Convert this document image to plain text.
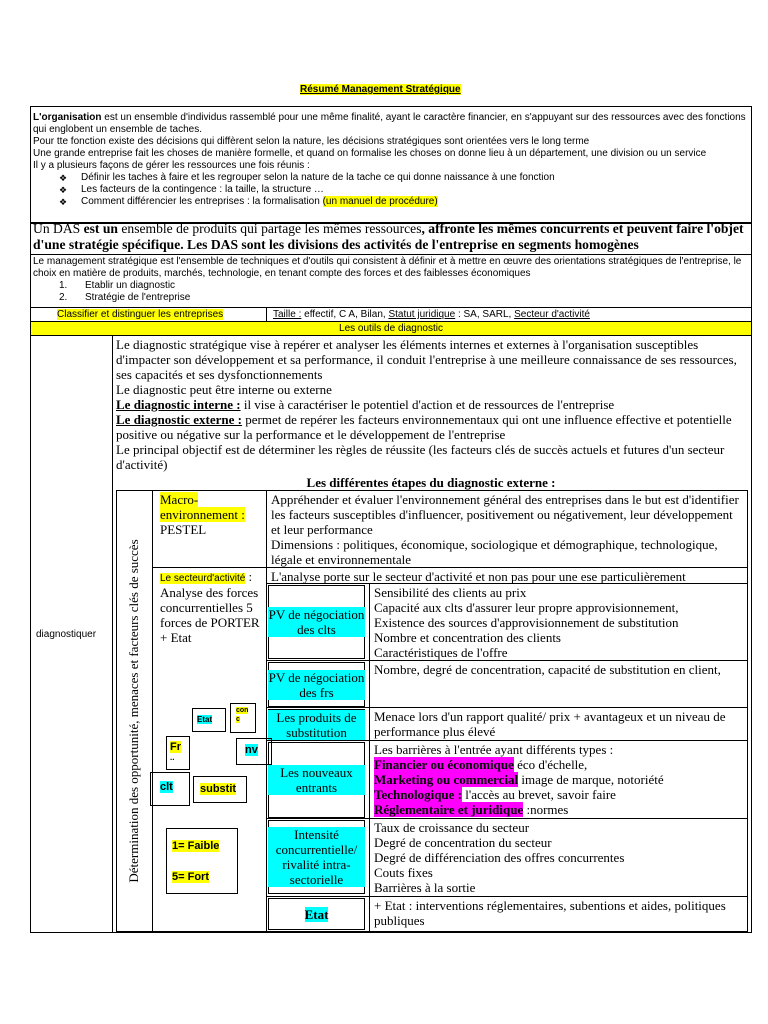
Résumé Management Stratégique
L'organisation est un ensemble d'individus rassemblé pour une même finalité, ayant le caractère financier, en s'appuyant sur des ressources avec des fonctions qui englobent un ensemble de taches.
Pour tte fonction existe des décisions qui diffèrent selon la nature, les décisions stratégiques sont orientées vers le long terme
Une grande entreprise fait les choses de manière formelle, et quand on formalise les choses on donne lieu à un département, une division ou un service
Il y a plusieurs façons de gérer les ressources une fois réunis :
❖ Définir les taches à faire et les regrouper selon la nature de la tache ce qui donne naissance à une fonction
❖ Les facteurs de la contingence : la taille, la structure …
❖ Comment différencier les entreprises : la formalisation (un manuel de procédure)
Un DAS est un ensemble de produits qui partage les mêmes ressources, affronte les mêmes concurrents et peuvent faire l'objet d'une stratégie spécifique. Les DAS sont les divisions des activités de l'entreprise en segments homogènes
Le management stratégique est l'ensemble de techniques et d'outils qui consistent à définir et à mettre en œuvre des orientations stratégiques de l'entreprise, le choix en matière de produits, marchés, technologie, en tenant compte des forces et des faiblesses économiques
1. Etablir un diagnostic
2. Stratégie de l'entreprise
Classifier et distinguer les entreprises	Taille : effectif, C A, Bilan, Statut juridique : SA, SARL, Secteur d'activité
Les outils de diagnostic
diagnostiquer
Le diagnostic stratégique vise à repérer et analyser les éléments internes et externes à l'organisation susceptibles d'impacter son développement et sa performance, il conduit l'entreprise à une meilleure connaissance de ses ressources, ses capacités et ses dysfonctionnements
Le diagnostic peut être interne ou externe
Le diagnostic interne : il vise à caractériser le potentiel d'action et de ressources de l'entreprise
Le diagnostic externe : permet de repérer les facteurs environnementaux qui ont une influence effective et potentielle positive ou négative sur la performance et le développement de l'entreprise
Le principal objectif est de déterminer les règles de réussite (les facteurs clés de succès actuels et futures d'un secteur d'activité)
Les différentes étapes du diagnostic externe :
Détermination des opportunité, menaces et facteurs clés de succès
Macro-environnement :
PESTEL
Appréhender et évaluer l'environnement général des entreprises dans le but est d'identifier les facteurs susceptibles d'influencer, positivement ou négativement, leur développement et leur performance
Dimensions : politiques, économique, sociologique et démographique, technologique, légale et environnementale
Le secteurd'activité :
Analyse des forces concurrentielles 5 forces de PORTER + Etat
L'analyse porte sur le secteur d'activité et non pas pour une ese particulièrement
PV de négociation des clts
PV de négociation des frs
Les produits de substitution
Les nouveaux entrants
Intensité concurrentielle/ rivalité intra-sectorielle
Etat
Sensibilité des clients au prix
Capacité aux clts d'assurer leur propre approvisionnement,
Existence des sources d'approvisionnement de substitution
Nombre et concentration des clients
Caractéristiques de l'offre
Nombre, degré de concentration, capacité de substitution en client,
Menace lors d'un rapport qualité/ prix + avantageux et un niveau de performance plus élevé
Les barrières à l'entrée ayant différents types :
Financier ou économique éco d'échelle,
Marketing ou commercial image de marque, notoriété
Technologique : l'accès au brevet, savoir faire
Réglementaire et juridique :normes
Taux de croissance du secteur
Degré de concentration du secteur
Degré de différenciation des offres concurrentes
Couts fixes
Barrières à la sortie
+ Etat : interventions réglementaires, subentions et aides, politiques publiques
Etat
con c
Fr
..
nv
clt substit
1= Faible
5= Fort
